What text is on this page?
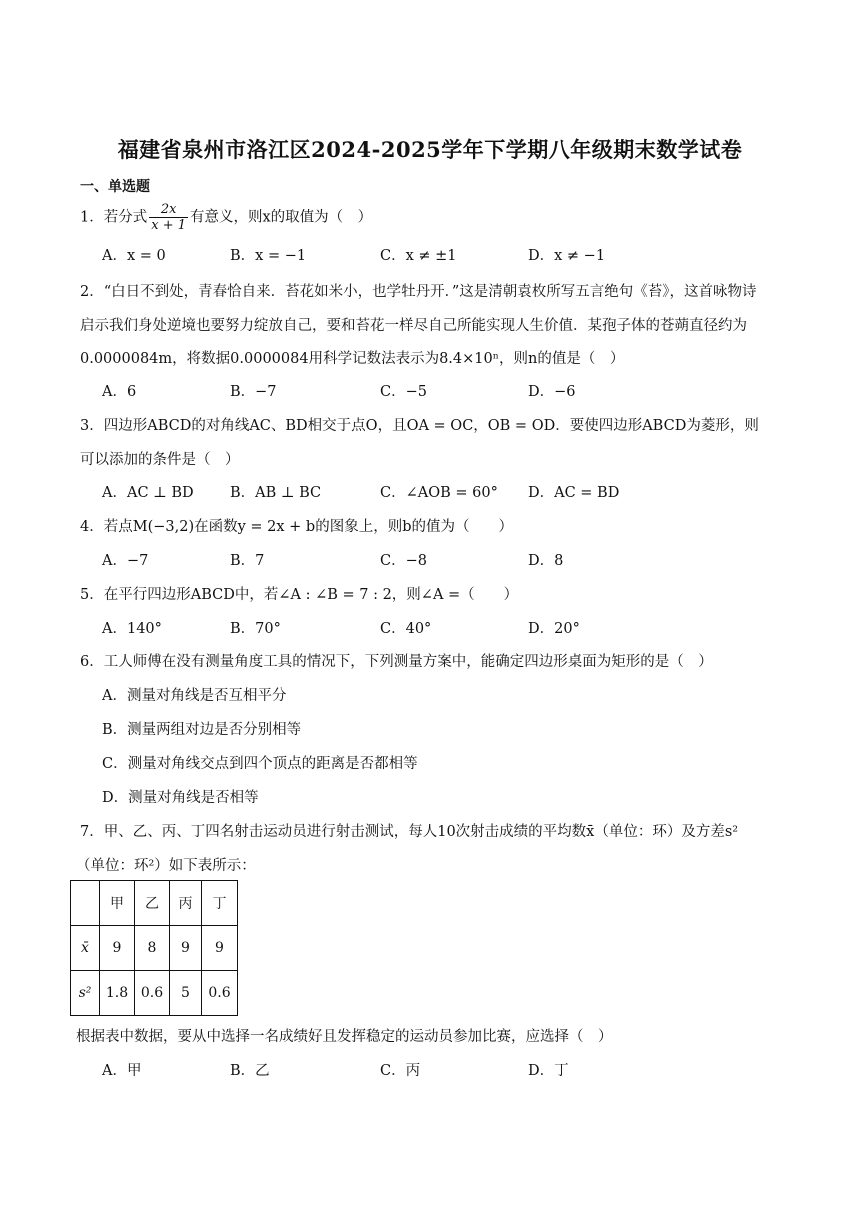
福建省泉州市洛江区2024-2025学年下学期八年级期末数学试卷
一、单选题
1．若分式 $\frac{2x}{x + 1}$ 有意义，则x的取值为（　）
A．x = 0	B．x = −1	C．x ≠ ±1	D．x ≠ −1
2．“白日不到处，青春恰自来．苔花如米小，也学牡丹开．”这是清朝袁枚所写五言绝句《苔》，这首咏物诗
启示我们身处逆境也要努力绽放自己，要和苔花一样尽自己所能实现人生价值．某孢子体的苍蒴直径约为
0.0000084m，将数据0.0000084用科学记数法表示为8.4×10ⁿ，则n的值是（　）
A．6	B．−7	C．−5	D．−6
3．四边形ABCD的对角线AC、BD相交于点O，且OA = OC，OB = OD．要使四边形ABCD为菱形，则
可以添加的条件是（　）
A．AC ⊥ BD	B．AB ⊥ BC	C．∠AOB = 60° D．AC = BD
4．若点M(−3,2)在函数y = 2x + b的图象上，则b的值为（　　）
A．−7	B．7	C．−8	D．8
5．在平行四边形ABCD中，若∠A : ∠B = 7 : 2，则∠A =（　　）
A．140°	B．70°	C．40°	D．20°
6．工人师傅在没有测量角度工具的情况下，下列测量方案中，能确定四边形桌面为矩形的是（　）
A．测量对角线是否互相平分
B．测量两组对边是否分别相等
C．测量对角线交点到四个顶点的距离是否都相等
D．测量对角线是否相等
7．甲、乙、丙、丁四名射击运动员进行射击测试，每人10次射击成绩的平均数x̄（单位：环）及方差s²
（单位：环²）如下表所示：
	甲	乙	丙	丁
x̄	9	8	9	9
s²	1.8	0.6	5	0.6
根据表中数据，要从中选择一名成绩好且发挥稳定的运动员参加比赛，应选择（　）
A．甲	B．乙	C．丙	D．丁
